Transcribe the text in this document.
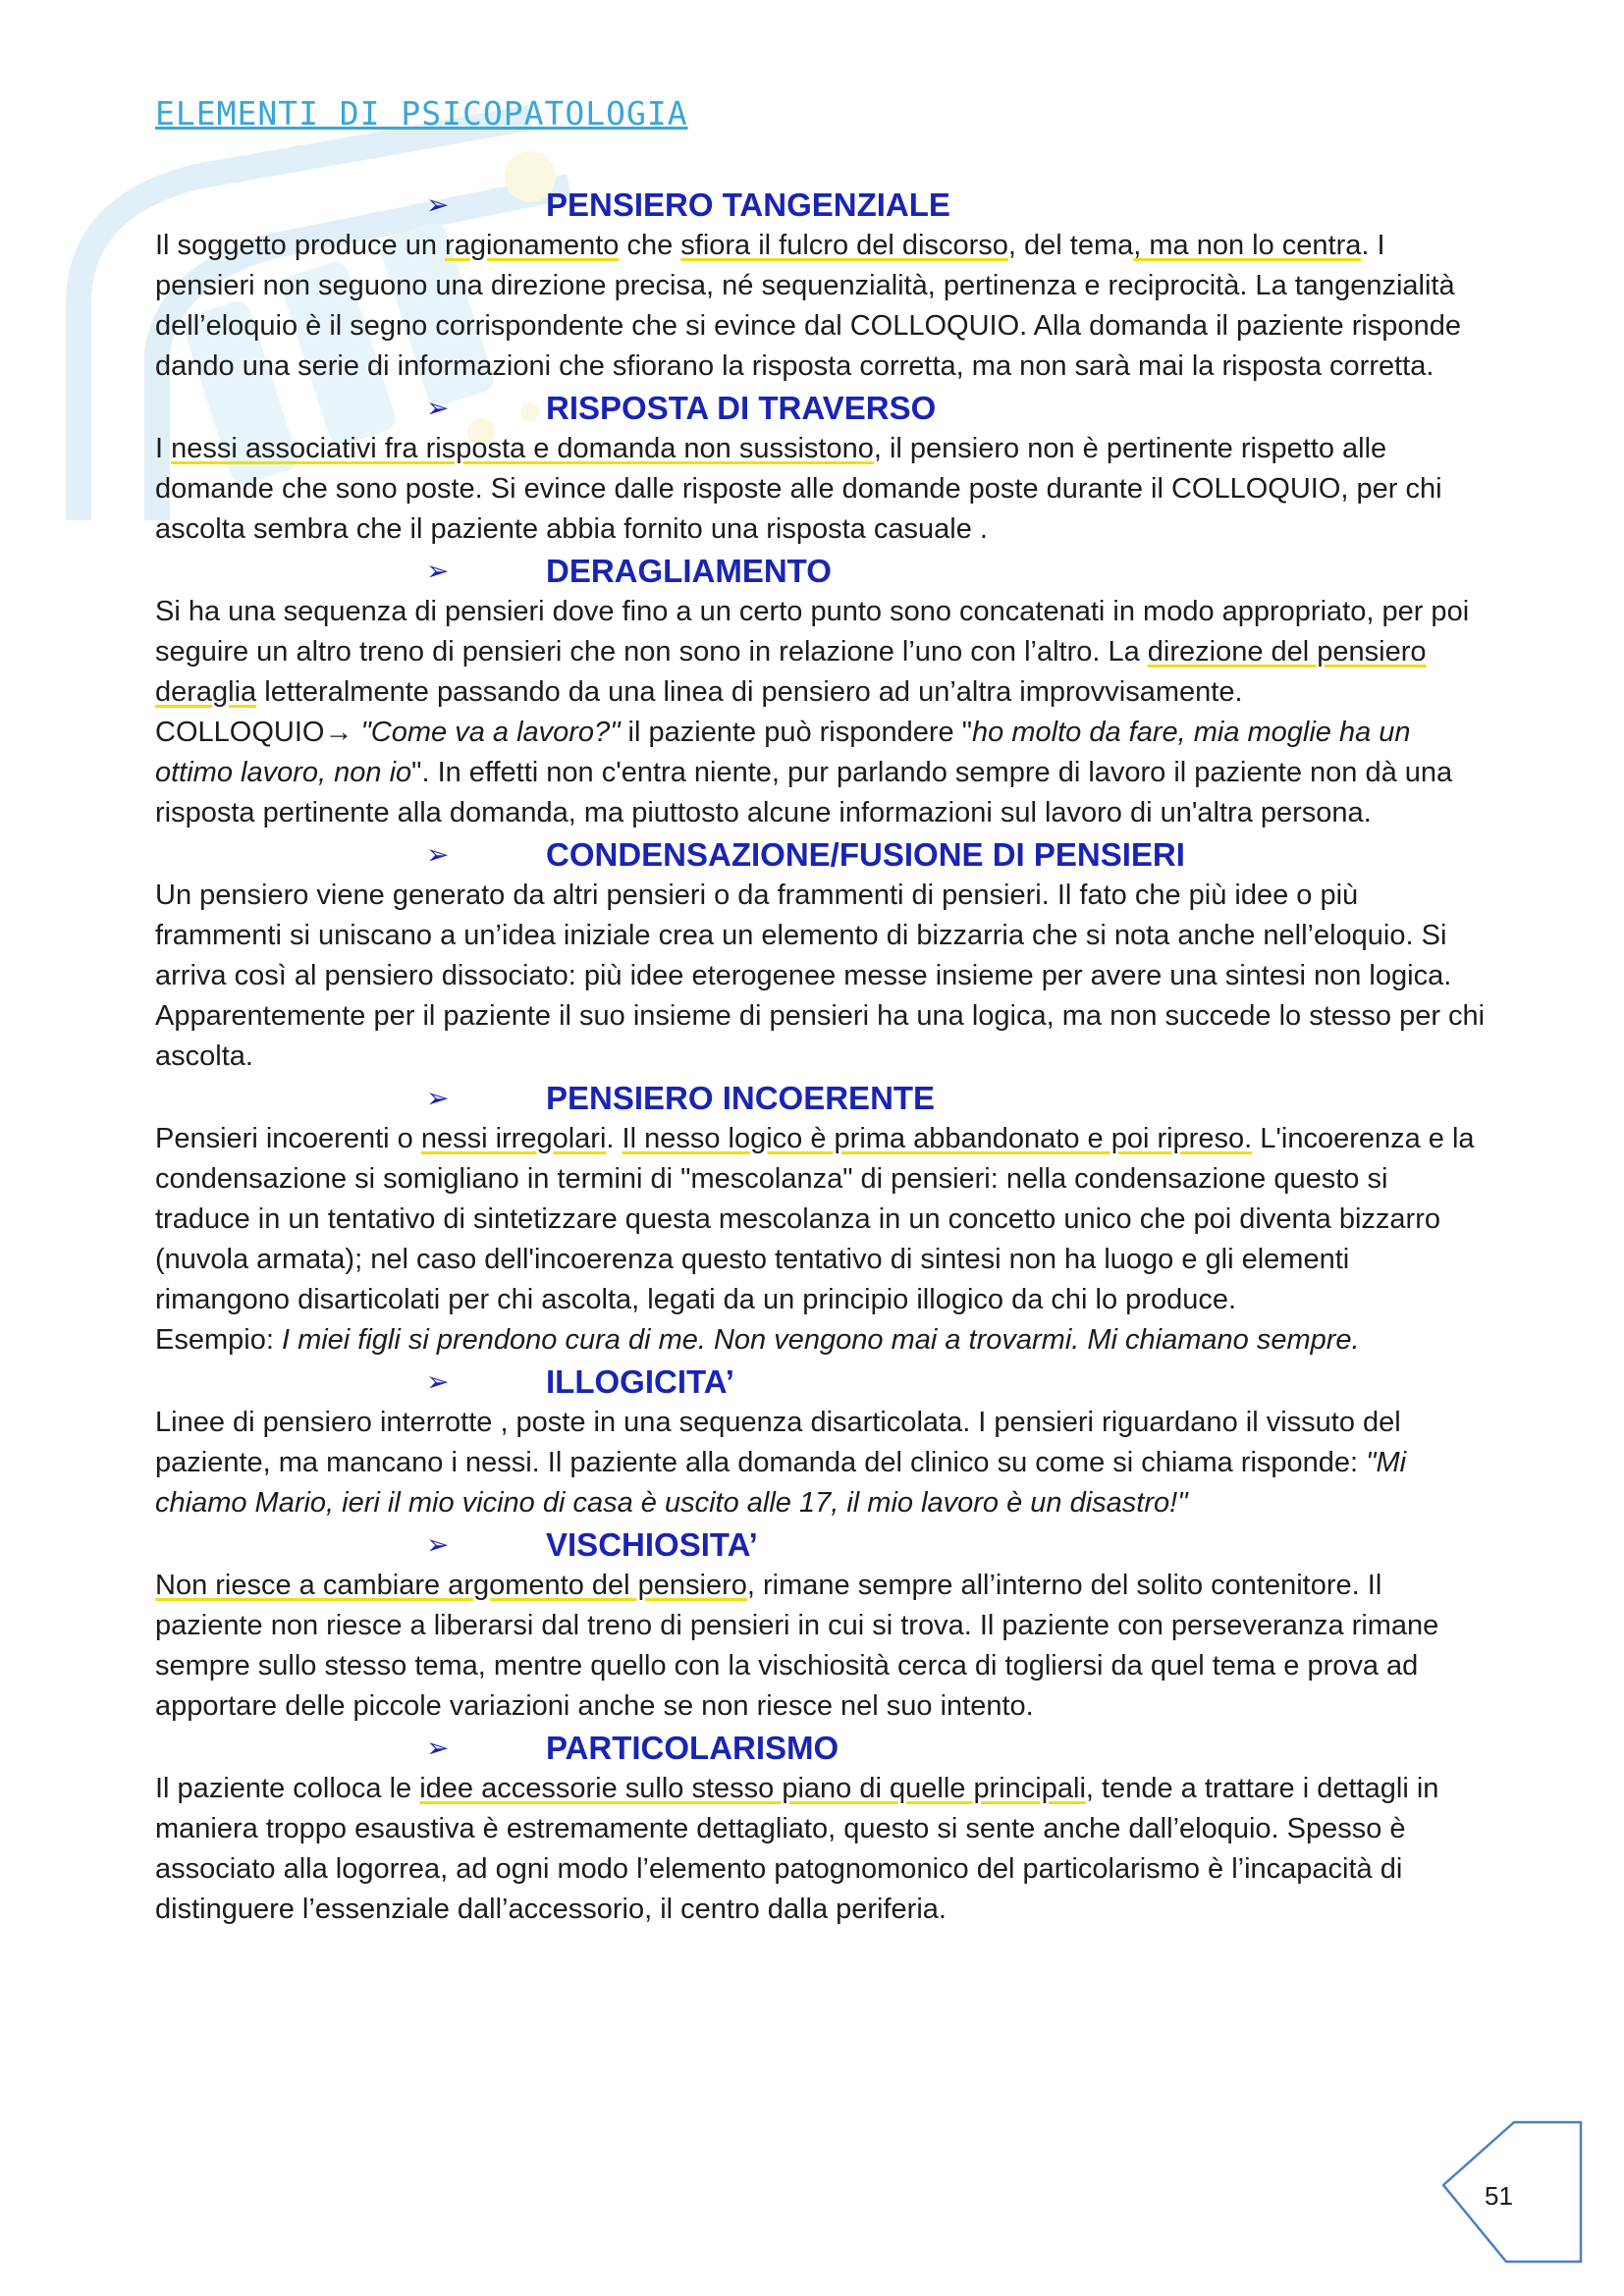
ELEMENTI DI PSICOPATOLOGIA
➢	PENSIERO TANGENZIALE

Il soggetto produce un ragionamento che sfiora il fulcro del discorso, del tema, ma non lo centra. I pensieri non seguono una direzione precisa, né sequenzialità, pertinenza e reciprocità. La tangenzialità dell’eloquio è il segno corrispondente che si evince dal COLLOQUIO. Alla domanda il paziente risponde dando una serie di informazioni che sfiorano la risposta corretta, ma non sarà mai la risposta corretta.

➢	RISPOSTA DI TRAVERSO

I nessi associativi fra risposta e domanda non sussistono, il pensiero non è pertinente rispetto alle domande che sono poste. Si evince dalle risposte alle domande poste durante il COLLOQUIO, per chi ascolta sembra che il paziente abbia fornito una risposta casuale .

➢	DERAGLIAMENTO

Si ha una sequenza di pensieri dove fino a un certo punto sono concatenati in modo appropriato, per poi seguire un altro treno di pensieri che non sono in relazione l’uno con l’altro. La direzione del pensiero deraglia letteralmente passando da una linea di pensiero ad un’altra improvvisamente.

COLLOQUIO→ "Come va a lavoro?" il paziente può rispondere "ho molto da fare, mia moglie ha un ottimo lavoro, non io". In effetti non c'entra niente, pur parlando sempre di lavoro il paziente non dà una risposta pertinente alla domanda, ma piuttosto alcune informazioni sul lavoro di un'altra persona.

➢	CONDENSAZIONE/FUSIONE DI PENSIERI

Un pensiero viene generato da altri pensieri o da frammenti di pensieri. Il fato che più idee o più frammenti si uniscano a un’idea iniziale crea un elemento di bizzarria che si nota anche nell’eloquio. Si arriva così al pensiero dissociato: più idee eterogenee messe insieme per avere una sintesi non logica. Apparentemente per il paziente il suo insieme di pensieri ha una logica, ma non succede lo stesso per chi ascolta.

➢	PENSIERO INCOERENTE

Pensieri incoerenti o nessi irregolari. Il nesso logico è prima abbandonato e poi ripreso. L'incoerenza e la condensazione si somigliano in termini di "mescolanza" di pensieri: nella condensazione questo si traduce in un tentativo di sintetizzare questa mescolanza in un concetto unico che poi diventa bizzarro (nuvola armata); nel caso dell'incoerenza questo tentativo di sintesi non ha luogo e gli elementi rimangono disarticolati per chi ascolta, legati da un principio illogico da chi lo produce.

Esempio: I miei figli si prendono cura di me. Non vengono mai a trovarmi. Mi chiamano sempre.

➢	ILLOGICITA’

Linee di pensiero interrotte , poste in una sequenza disarticolata. I pensieri riguardano il vissuto del paziente, ma mancano i nessi. Il paziente alla domanda del clinico su come si chiama risponde: "Mi chiamo Mario, ieri il mio vicino di casa è uscito alle 17, il mio lavoro è un disastro!"

➢	VISCHIOSITA’

Non riesce a cambiare argomento del pensiero, rimane sempre all’interno del solito contenitore. Il paziente non riesce a liberarsi dal treno di pensieri in cui si trova. Il paziente con perseveranza rimane sempre sullo stesso tema, mentre quello con la vischiosità cerca di togliersi da quel tema e prova ad apportare delle piccole variazioni anche se non riesce nel suo intento.

➢	PARTICOLARISMO

Il paziente colloca le idee accessorie sullo stesso piano di quelle principali, tende a trattare i dettagli in maniera troppo esaustiva è estremamente dettagliato, questo si sente anche dall’eloquio. Spesso è associato alla logorrea, ad ogni modo l’elemento patognomonico del particolarismo è l’incapacità di distinguere l’essenziale dall’accessorio, il centro dalla periferia.

51
